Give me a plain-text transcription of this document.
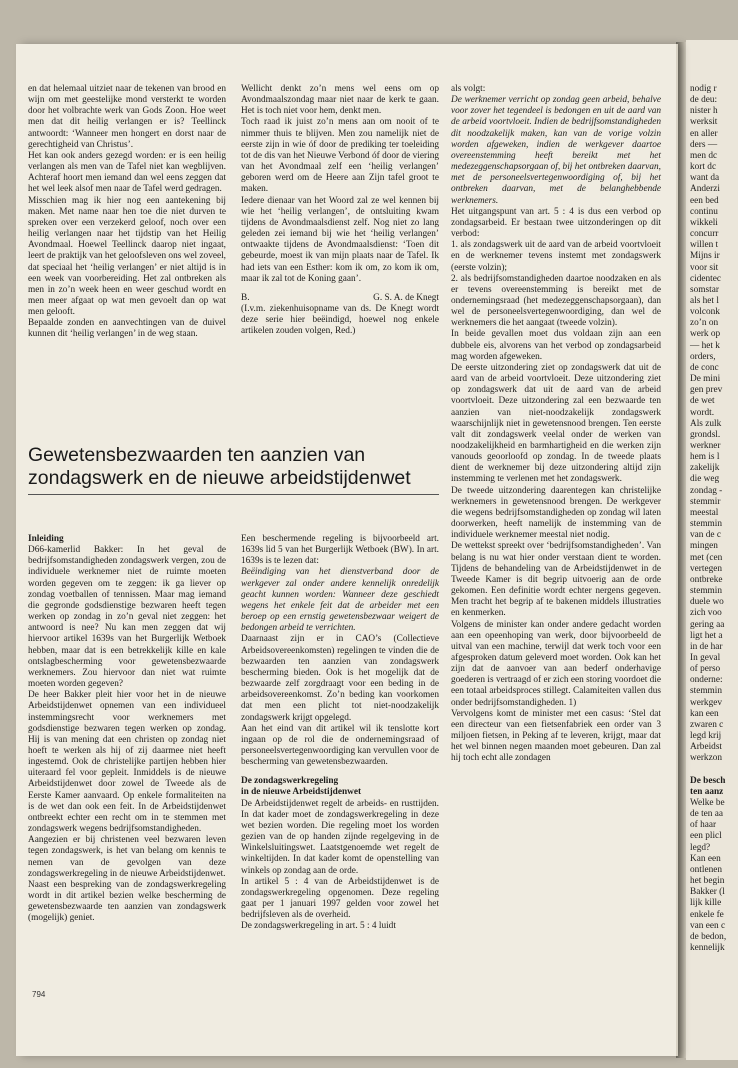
nodig r

de deu:

nister h

werksit

en aller

ders —

men dc

kort dc

want da

Anderzi

een bed

continu

wikkeli

concurr

willen t

Mijns ir

voor sit

cidentec

somstar

als het l

volconk

zo’n on

werk op

— het k

orders,

de conc

De mini

gen prev

de wet

wordt.

Als zulk

grondsl.

werkner

hem is l

zakelijk

die weg

zondag -

stemmir

meestal

stemmin

van de c

mingen

met (cen

vertegen

ontbreke

stemmin

duele wo

zich voo

gering aa

ligt het a

in de har

In geval

of perso

onderne:

stemmin

werkgev

kan een

zwaren c

legd krij

Arbeidst

werkzon

De besch

ten aanz

Welke be

de ten aa

of haar

een plicl

legd?

Kan een

ontlenen

het begin

Bakker (l

lijk kille

enkele fe

van een c

de bedon,

kennelijk

en dat helemaal uitziet naar de tekenen van brood en wijn om met geestelijke mond versterkt te worden door het volbrachte werk van Gods Zoon. Hoe weet men dat dit heilig verlangen er is? Teellinck antwoordt: ‘Wanneer men hongert en dorst naar de gerechtigheid van Christus’.

Het kan ook anders gezegd worden: er is een heilig verlangen als men van de Tafel niet kan wegblijven. Achteraf hoort men iemand dan wel eens zeggen dat het wel leek alsof men naar de Tafel werd gedragen.

Misschien mag ik hier nog een aantekening bij maken. Met name naar hen toe die niet durven te spreken over een verzekerd geloof, noch over een heilig verlangen naar het tijdstip van het Heilig Avondmaal. Hoewel Teellinck daarop niet ingaat, leert de praktijk van het geloofsleven ons wel zoveel, dat speciaal het ‘heilig verlangen’ er niet altijd is in een week van voorbereiding. Het zal ontbreken als men in zo’n week heen en weer geschud wordt en men meer afgaat op wat men gevoelt dan op wat men gelooft.

Bepaalde zonden en aanvechtingen van de duivel kunnen dit ‘heilig verlangen’ in de weg staan.

Wellicht denkt zo’n mens wel eens om op Avondmaalszondag maar niet naar de kerk te gaan. Het is toch niet voor hem, denkt men.

Toch raad ik juist zo’n mens aan om nooit of te nimmer thuis te blijven. Men zou namelijk niet de eerste zijn in wie óf door de prediking ter toeleiding tot de dis van het Nieuwe Verbond óf door de viering van het Avondmaal zelf een ‘heilig verlangen’ geboren werd om de Heere aan Zijn tafel groot te maken.

Iedere dienaar van het Woord zal ze wel kennen bij wie het ‘heilig verlangen’, de ontsluiting kwam tijdens de Avondmaalsdienst zelf. Nog niet zo lang geleden zei iemand bij wie het ‘heilig verlangen’ ontwaakte tijdens de Avondmaalsdienst: ‘Toen dit gebeurde, moest ik van mijn plaats naar de Tafel. Ik had iets van een Esther: kom ik om, zo kom ik om, maar ik zal tot de Koning gaan’.

B.	G. S. A. de Knegt

(I.v.m. ziekenhuisopname van ds. De Knegt wordt deze serie hier beëindigd, hoewel nog enkele artikelen zouden volgen, Red.)

als volgt:

De werknemer verricht op zondag geen arbeid, behalve voor zover het tegendeel is bedongen en uit de aard van de arbeid voortvloeit. Indien de bedrijfsomstandigheden dit noodzakelijk maken, kan van de vorige volzin worden afgeweken, indien de werkgever daartoe overeenstemming heeft bereikt met het medezeggenschapsorgaan of, bij het ontbreken daarvan, met de personeelsvertegenwoordiging of, bij het ontbreken daarvan, met de belanghebbende werknemers.

Het uitgangspunt van art. 5 : 4 is dus een verbod op zondagsarbeid. Er bestaan twee uitzonderingen op dit verbod:

1. als zondagswerk uit de aard van de arbeid voortvloeit en de werknemer tevens instemt met zondagswerk (eerste volzin);

2. als bedrijfsomstandigheden daartoe noodzaken en als er tevens overeenstemming is bereikt met de ondernemingsraad (het medezeggenschapsorgaan), dan wel de personeelsvertegenwoordiging, dan wel de werknemers die het aangaat (tweede volzin).

In beide gevallen moet dus voldaan zijn aan een dubbele eis, alvorens van het verbod op zondagsarbeid mag worden afgeweken.

De eerste uitzondering ziet op zondagswerk dat uit de aard van de arbeid voortvloeit. Deze uitzondering ziet op zondagswerk dat uit de aard van de arbeid voortvloeit. Deze uitzondering zal een bezwaarde ten aanzien van niet-noodzakelijk zondagswerk waarschijnlijk niet in gewetensnood brengen. Ten eerste valt dit zondagswerk veelal onder de werken van noodzakelijkheid en barmhartigheid en die werken zijn vanouds geoorloofd op zondag. In de tweede plaats dient de werknemer bij deze uitzondering altijd zijn instemming te verlenen met het zondagswerk.

De tweede uitzondering daarentegen kan christelijke werknemers in gewetensnood brengen. De werkgever die wegens bedrijfsomstandigheden op zondag wil laten doorwerken, heeft namelijk de instemming van de individuele werknemer meestal niet nodig.

De wettekst spreekt over ‘bedrijfsomstandigheden’. Van belang is nu wat hier onder verstaan dient te worden. Tijdens de behandeling van de Arbeidstijdenwet in de Tweede Kamer is dit begrip uitvoerig aan de orde gekomen. Een definitie wordt echter nergens gegeven. Men tracht het begrip af te bakenen middels illustraties en kenmerken.

Volgens de minister kan onder andere gedacht worden aan een opeenhoping van werk, door bijvoorbeeld de uitval van een machine, terwijl dat werk toch voor een afgesproken datum geleverd moet worden. Ook kan het zijn dat de aanvoer van aan bederf onderhavige goederen is vertraagd of er zich een storing voordoet die een totaal arbeidsproces stillegt. Calamiteiten vallen dus onder bedrijfsomstandigheden. 1)

Vervolgens komt de minister met een casus: ‘Stel dat een directeur van een fietsenfabriek een order van 3 miljoen fietsen, in Peking af te leveren, krijgt, maar dat het wel binnen negen maanden moet gebeuren. Dan zal hij toch echt alle zondagen

Gewetensbezwaarden ten aanzien van zondagswerk en de nieuwe arbeidstijdenwet

Inleiding

D66-kamerlid Bakker: In het geval de bedrijfsomstandigheden zondagswerk vergen, zou de individuele werknemer niet de ruimte moeten worden gegeven om te zeggen: ik ga liever op zondag voetballen of tennissen. Maar mag iemand die gegronde godsdienstige bezwaren heeft tegen werken op zondag in zo’n geval niet zeggen: het antwoord is nee? Nu kan men zeggen dat wij hiervoor artikel 1639s van het Burgerlijk Wetboek hebben, maar dat is een betrekkelijk kille en kale ontslagbescherming voor gewetensbezwaarde werknemers. Zou hiervoor dan niet wat ruimte moeten worden gegeven?

De heer Bakker pleit hier voor het in de nieuwe Arbeidstijdenwet opnemen van een individueel instemmingsrecht voor werknemers met godsdienstige bezwaren tegen werken op zondag. Hij is van mening dat een christen op zondag niet hoeft te werken als hij of zij daarmee niet heeft ingestemd. Ook de christelijke partijen hebben hier uiteraard fel voor gepleit. Inmiddels is de nieuwe Arbeidstijdenwet door zowel de Tweede als de Eerste Kamer aanvaard. Op enkele formaliteiten na is de wet dan ook een feit. In de Arbeidstijdenwet ontbreekt echter een recht om in te stemmen met zondagswerk wegens bedrijfsomstandigheden.

Aangezien er bij christenen veel bezwaren leven tegen zondagswerk, is het van belang om kennis te nemen van de gevolgen van deze zondagswerkregeling in de nieuwe Arbeidstijdenwet.

Naast een bespreking van de zondagswerkregeling wordt in dit artikel bezien welke bescherming de gewetensbezwaarde ten aanzien van zondagswerk (mogelijk) geniet.

Een beschermende regeling is bijvoorbeeld art. 1639s lid 5 van het Burgerlijk Wetboek (BW). In art. 1639s is te lezen dat:

Beëindiging van het dienstverband door de werkgever zal onder andere kennelijk onredelijk geacht kunnen worden: Wanneer deze geschiedt wegens het enkele feit dat de arbeider met een beroep op een ernstig gewetensbezwaar weigert de bedongen arbeid te verrichten.

Daarnaast zijn er in CAO’s (Collectieve Arbeidsovereenkomsten) regelingen te vinden die de bezwaarden ten aanzien van zondagswerk bescherming bieden. Ook is het mogelijk dat de bezwaarde zelf zorgdraagt voor een beding in de arbeidsovereenkomst. Zo’n beding kan voorkomen dat men een plicht tot niet-noodzakelijk zondagswerk krijgt opgelegd.

Aan het eind van dit artikel wil ik tenslotte kort ingaan op de rol die de ondernemingsraad of personeelsvertegenwoordiging kan vervullen voor de bescherming van gewetensbezwaarden.

De zondagswerkregeling

in de nieuwe Arbeidstijdenwet

De Arbeidstijdenwet regelt de arbeids- en rusttijden. In dat kader moet de zondagswerkregeling in deze wet bezien worden. Die regeling moet los worden gezien van de op handen zijnde regelgeving in de Winkelsluitingswet. Laatstgenoemde wet regelt de winkeltijden. In dat kader komt de openstelling van winkels op zondag aan de orde.

In artikel 5 : 4 van de Arbeidstijdenwet is de zondagswerkregeling opgenomen. Deze regeling gaat per 1 januari 1997 gelden voor zowel het bedrijfsleven als de overheid.

De zondagswerkregeling in art. 5 : 4 luidt

794
